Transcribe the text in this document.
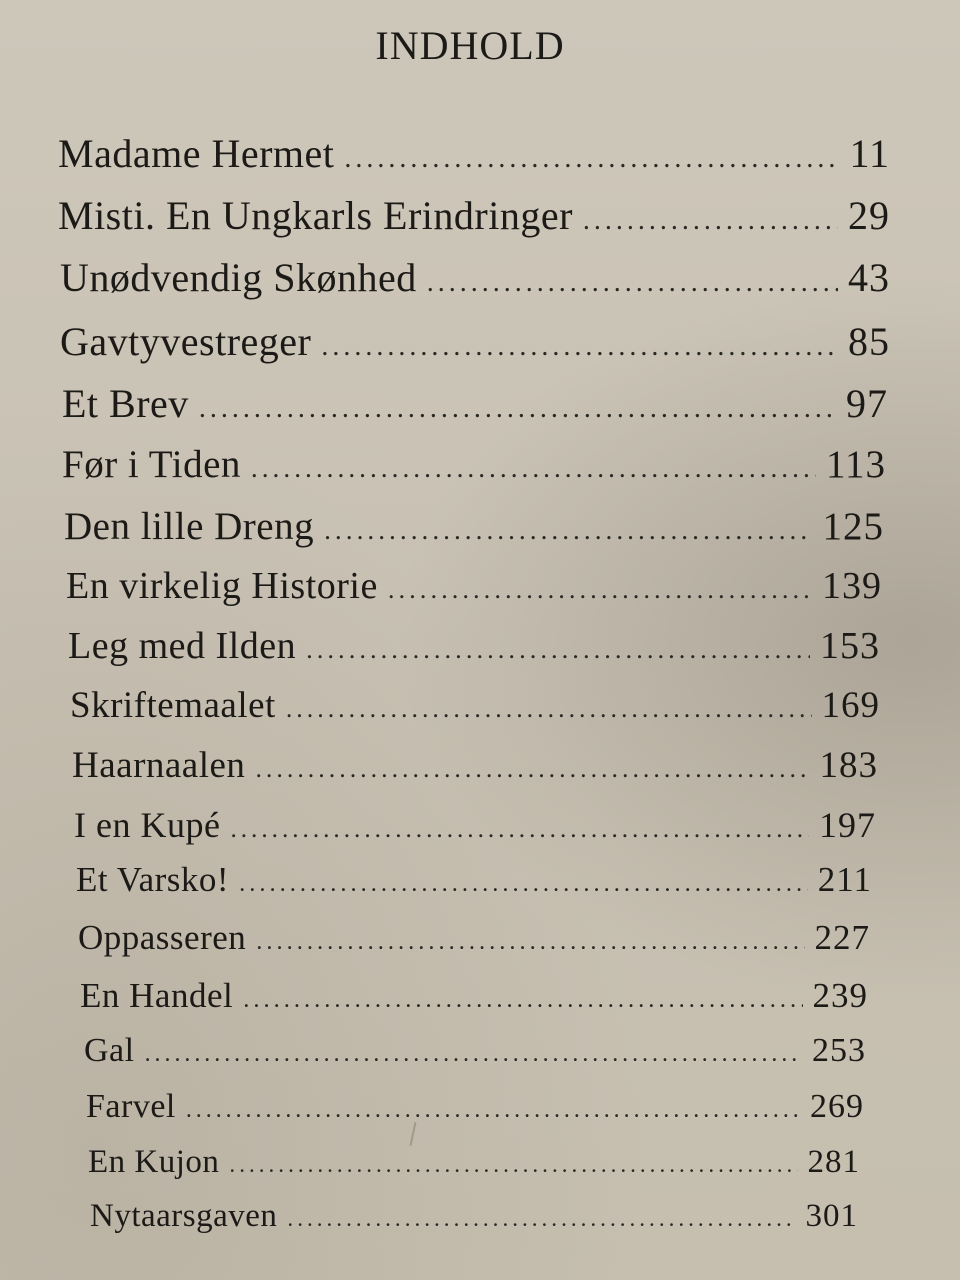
INDHOLD
Madame Hermet .....	11
Misti. En Ungkarls Erindringer .....	29
Unødvendig Skønhed .....	43
Gavtyvestreger .....	85
Et Brev .....	97
Før i Tiden .....	113
Den lille Dreng .....	125
En virkelig Historie .....	139
Leg med Ilden .....	153
Skriftemaalet .....	169
Haarnaalen .....	183
I en Kupé .....	197
Et Varsko! .....	211
Oppasseren .....	227
En Handel .....	239
Gal .....	253
Farvel .....	269
En Kujon .....	281
Nytaarsgaven .....	301
